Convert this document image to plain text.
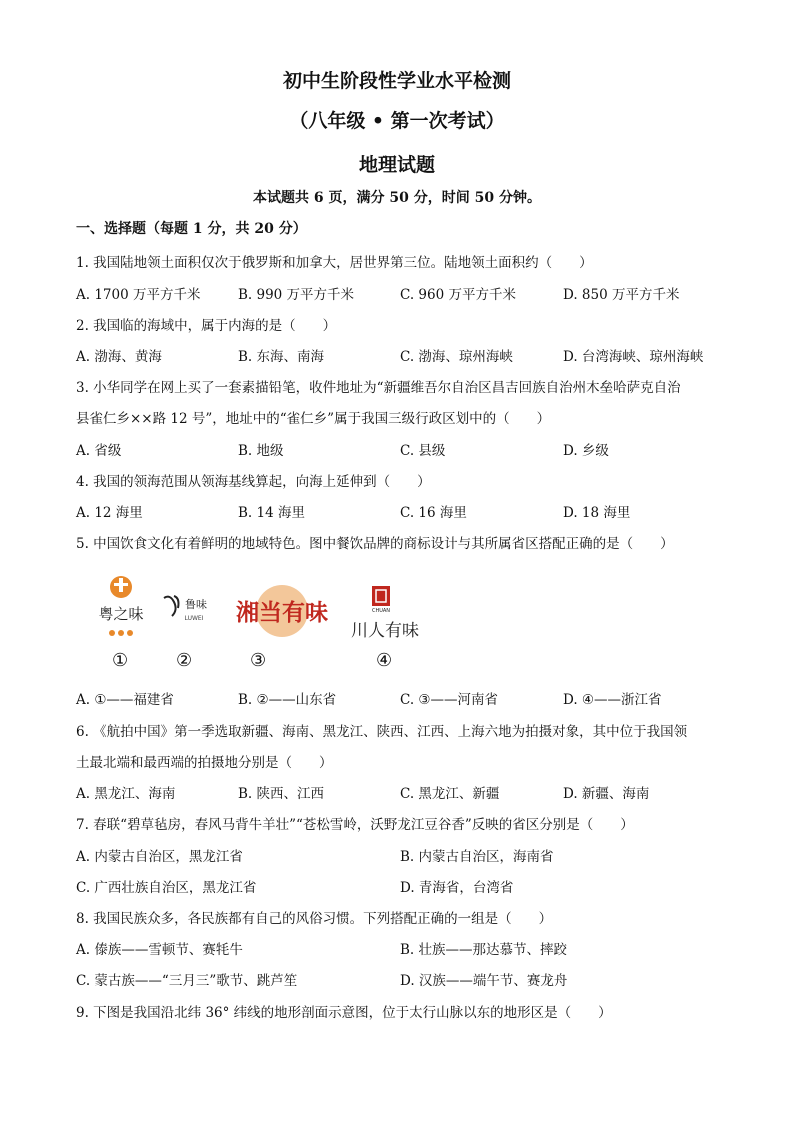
初中生阶段性学业水平检测
（八年级 • 第一次考试）
地理试题
本试题共 6 页，满分 50 分，时间 50 分钟。
一、选择题（每题 1 分，共 20 分）
1. 我国陆地领土面积仅次于俄罗斯和加拿大，居世界第三位。陆地领土面积约（　　）
A. 1700 万平方千米	B. 990 万平方千米	C. 960 万平方千米	D. 850 万平方千米
2. 我国临的海域中，属于内海的是（　　）
A. 渤海、黄海	B. 东海、南海	C. 渤海、琼州海峡	D. 台湾海峡、琼州海峡
3. 小华同学在网上买了一套素描铅笔，收件地址为“新疆维吾尔自治区昌吉回族自治州木垒哈萨克自治
县雀仁乡××路 12 号”，地址中的“雀仁乡”属于我国三级行政区划中的（　　）
A. 省级	B. 地级	C. 县级	D. 乡级
4. 我国的领海范围从领海基线算起，向海上延伸到（　　）
A. 12 海里	B. 14 海里	C. 16 海里	D. 18 海里
5. 中国饮食文化有着鲜明的地域特色。图中餐饮品牌的商标设计与其所属省区搭配正确的是（　　）
粤之味
鲁味
LUWEI 湘当有味	CHUAN
川人有味
①	②	③	④
A. ①——福建省	B. ②——山东省	C. ③——河南省	D. ④——浙江省
6. 《航拍中国》第一季选取新疆、海南、黑龙江、陕西、江西、上海六地为拍摄对象，其中位于我国领
土最北端和最西端的拍摄地分别是（　　）
A. 黑龙江、海南	B. 陕西、江西	C. 黑龙江、新疆	D. 新疆、海南
7. 春联“碧草毡房，春风马背牛羊壮”“苍松雪岭，沃野龙江豆谷香”反映的省区分别是（　　）
A. 内蒙古自治区，黑龙江省	B. 内蒙古自治区，海南省
C. 广西壮族自治区，黑龙江省	D. 青海省，台湾省
8. 我国民族众多，各民族都有自己的风俗习惯。下列搭配正确的一组是（　　）
A. 傣族——雪顿节、赛牦牛	B. 壮族——那达慕节、摔跤
C. 蒙古族——“三月三”歌节、跳芦笙	D. 汉族——端午节、赛龙舟
9. 下图是我国沿北纬 36° 纬线的地形剖面示意图，位于太行山脉以东的地形区是（　　）
